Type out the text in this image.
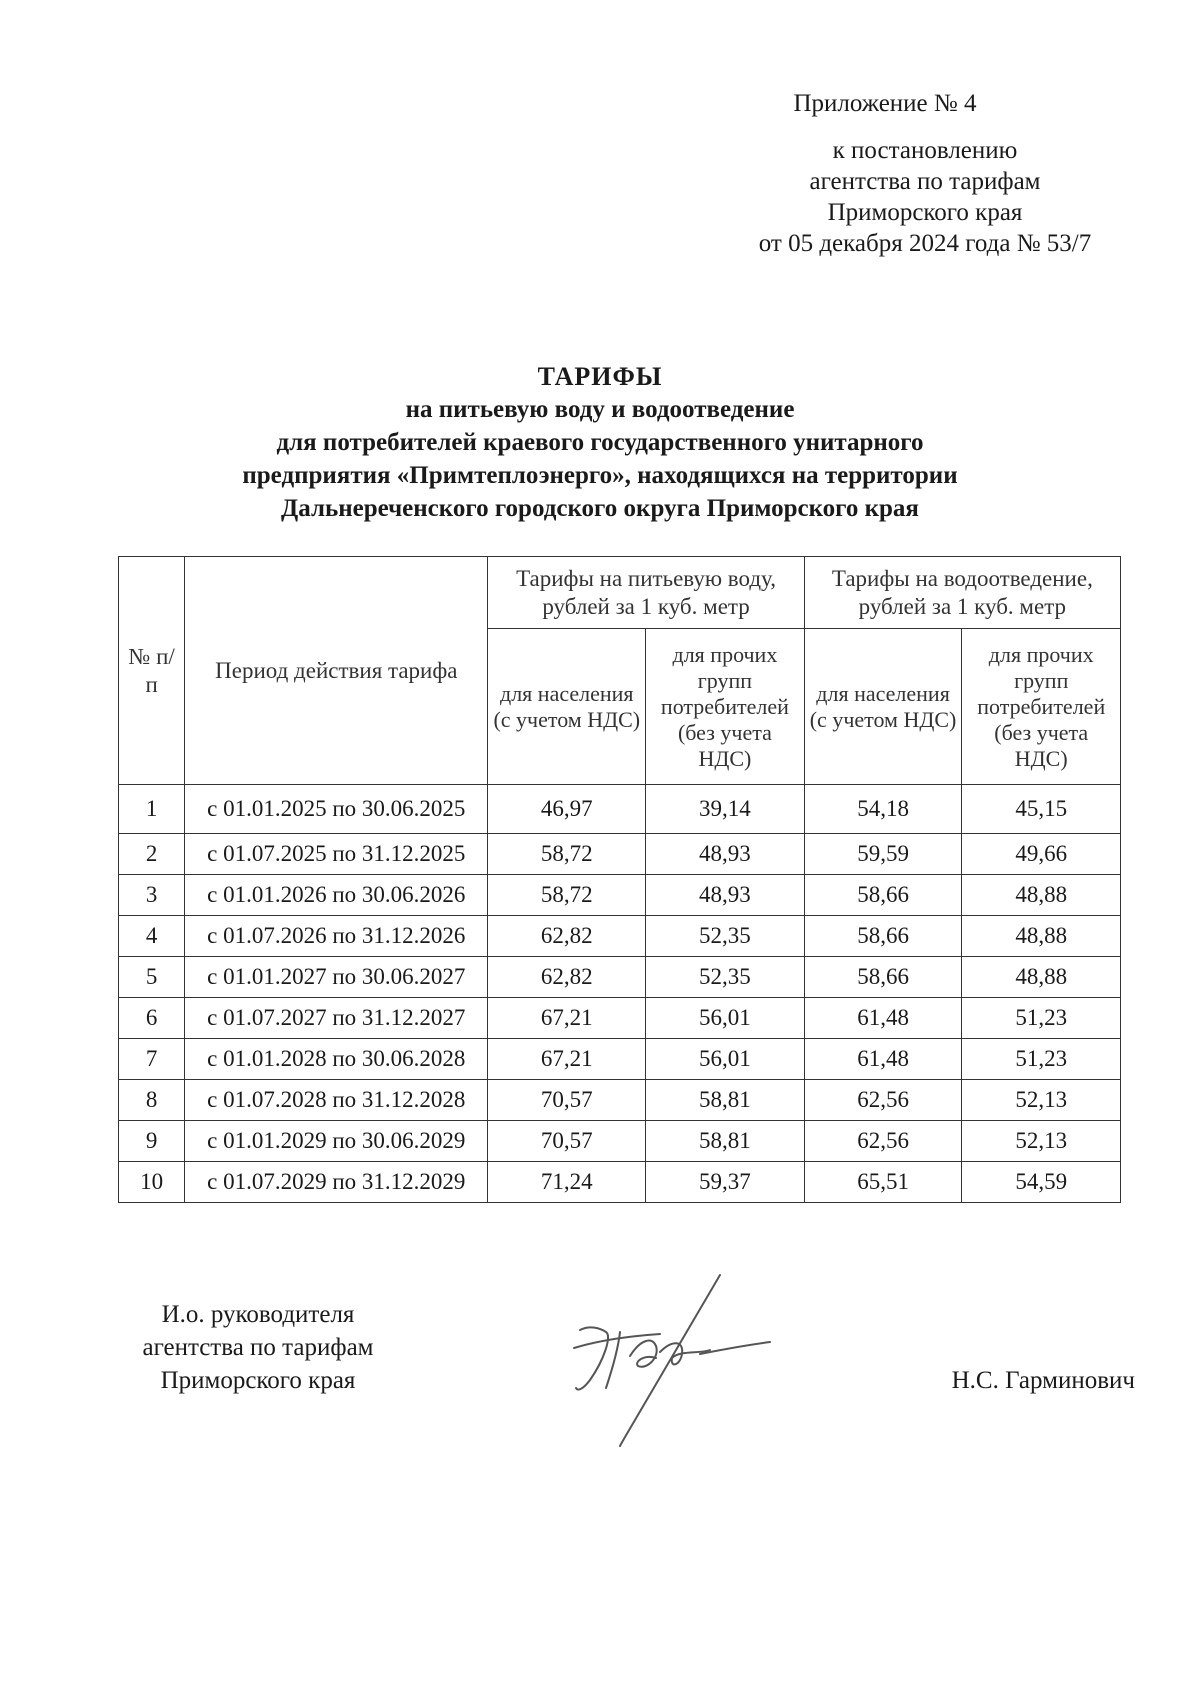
Приложение № 4
к постановлению
агентства по тарифам
Приморского края
от 05 декабря 2024 года № 53/7
ТАРИФЫ
на питьевую воду и водоотведение
для потребителей краевого государственного унитарного
предприятия «Примтеплоэнерго», находящихся на территории
Дальнереченского городского округа Приморского края
№ п/п	Период действия тарифа	Тарифы на питьевую воду, рублей за 1 куб. метр		Тарифы на водоотведение, рублей за 1 куб. метр	
		для населения (с учетом НДС)	для прочих групп потребителей (без учета НДС)	для населения (с учетом НДС)	для прочих групп потребителей (без учета НДС)
1	с 01.01.2025 по 30.06.2025	46,97	39,14	54,18	45,15
2	с 01.07.2025 по 31.12.2025	58,72	48,93	59,59	49,66
3	с 01.01.2026 по 30.06.2026	58,72	48,93	58,66	48,88
4	с 01.07.2026 по 31.12.2026	62,82	52,35	58,66	48,88
5	с 01.01.2027 по 30.06.2027	62,82	52,35	58,66	48,88
6	с 01.07.2027 по 31.12.2027	67,21	56,01	61,48	51,23
7	с 01.01.2028 по 30.06.2028	67,21	56,01	61,48	51,23
8	с 01.07.2028 по 31.12.2028	70,57	58,81	62,56	52,13
9	с 01.01.2029 по 30.06.2029	70,57	58,81	62,56	52,13
10	с 01.07.2029 по 31.12.2029	71,24	59,37	65,51	54,59
И.о. руководителя
агентства по тарифам
Приморского края	Н.С. Гарминович
